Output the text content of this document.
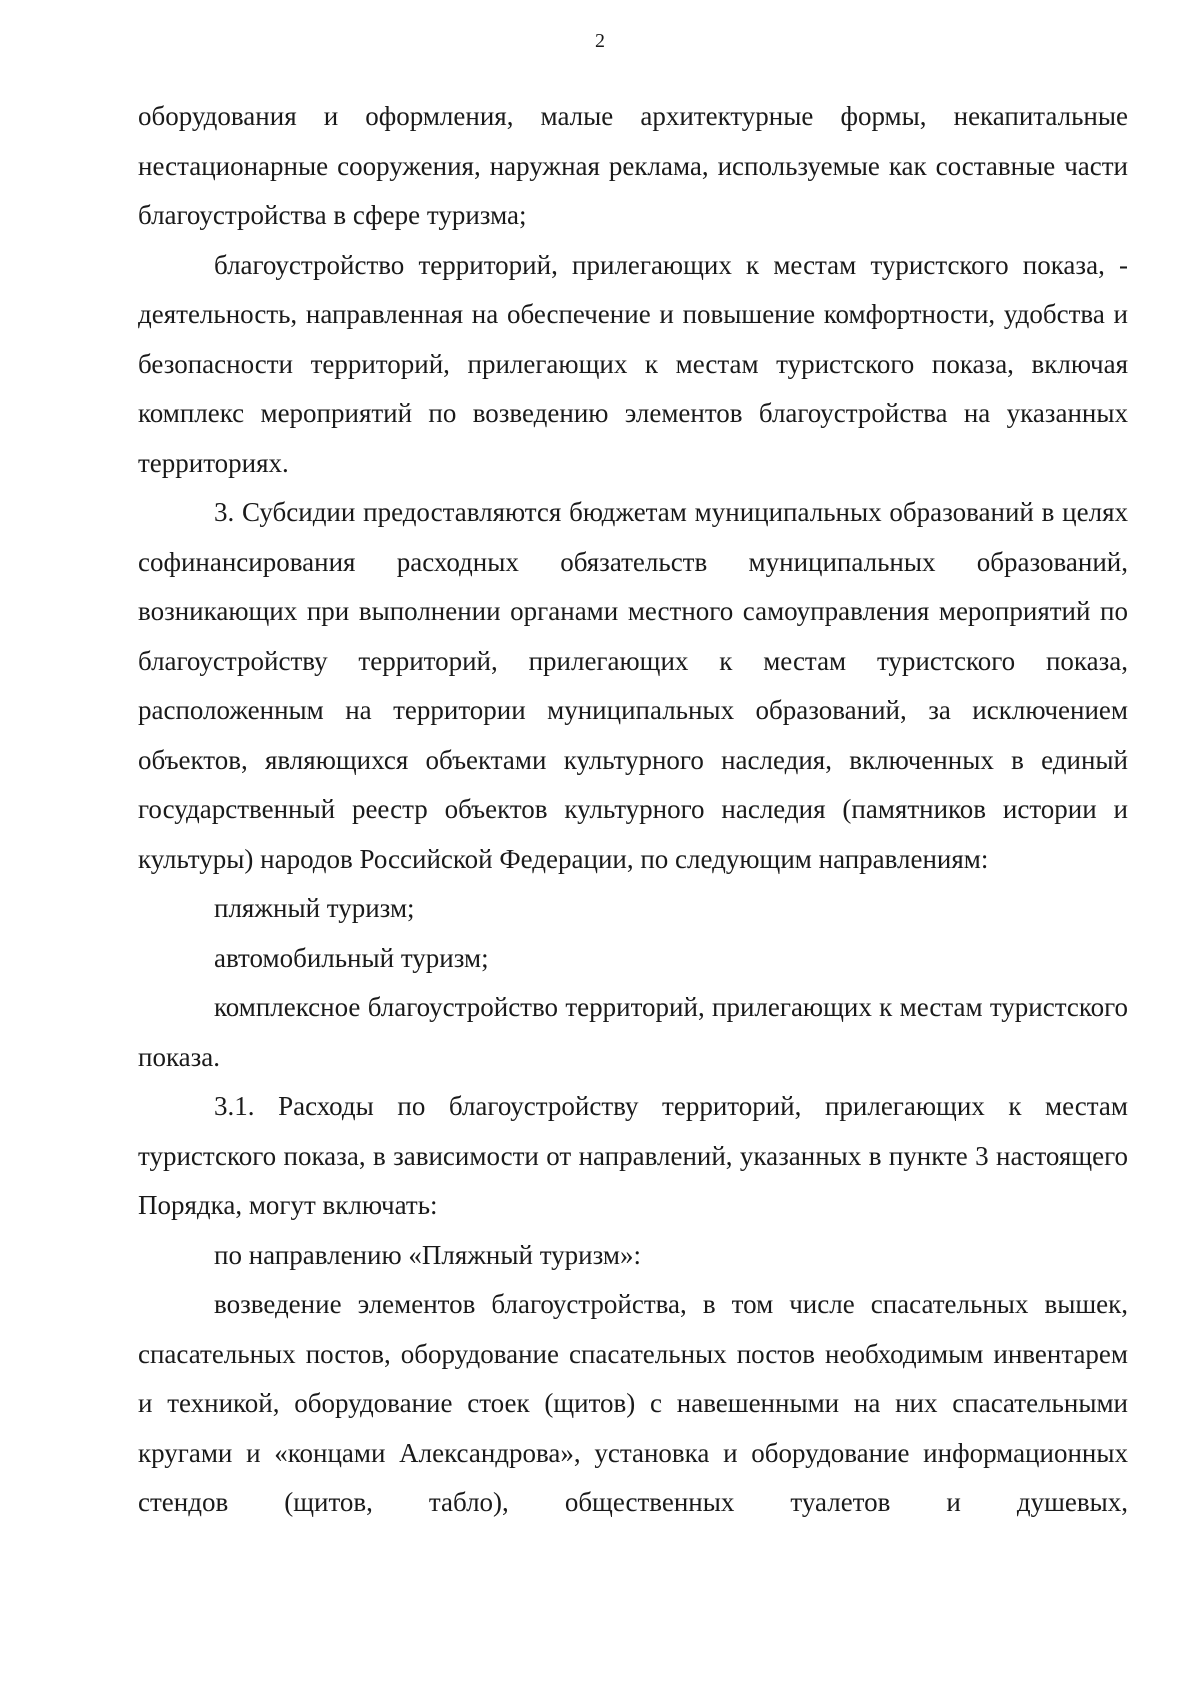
2

оборудования и оформления, малые архитектурные формы, некапитальные нестационарные сооружения, наружная реклама, используемые как составные части благоустройства в сфере туризма;

благоустройство территорий, прилегающих к местам туристского показа, - деятельность, направленная на обеспечение и повышение комфортности, удобства и безопасности территорий, прилегающих к местам туристского показа, включая комплекс мероприятий по возведению элементов благоустройства на указанных территориях.

3. Субсидии предоставляются бюджетам муниципальных образований в целях софинансирования расходных обязательств муниципальных образований, возникающих при выполнении органами местного самоуправления мероприятий по благоустройству территорий, прилегающих к местам туристского показа, расположенным на территории муниципальных образований, за исключением объектов, являющихся объектами культурного наследия, включенных в единый государственный реестр объектов культурного наследия (памятников истории и культуры) народов Российской Федерации, по следующим направлениям:

пляжный туризм;

автомобильный туризм;

комплексное благоустройство территорий, прилегающих к местам туристского показа.

3.1. Расходы по благоустройству территорий, прилегающих к местам туристского показа, в зависимости от направлений, указанных в пункте 3 настоящего Порядка, могут включать:

по направлению «Пляжный туризм»:

возведение элементов благоустройства, в том числе спасательных вышек, спасательных постов, оборудование спасательных постов необходимым инвентарем и техникой, оборудование стоек (щитов) с навешенными на них спасательными кругами и «концами Александрова», установка и оборудование информационных стендов (щитов, табло), общественных туалетов и душевых,
